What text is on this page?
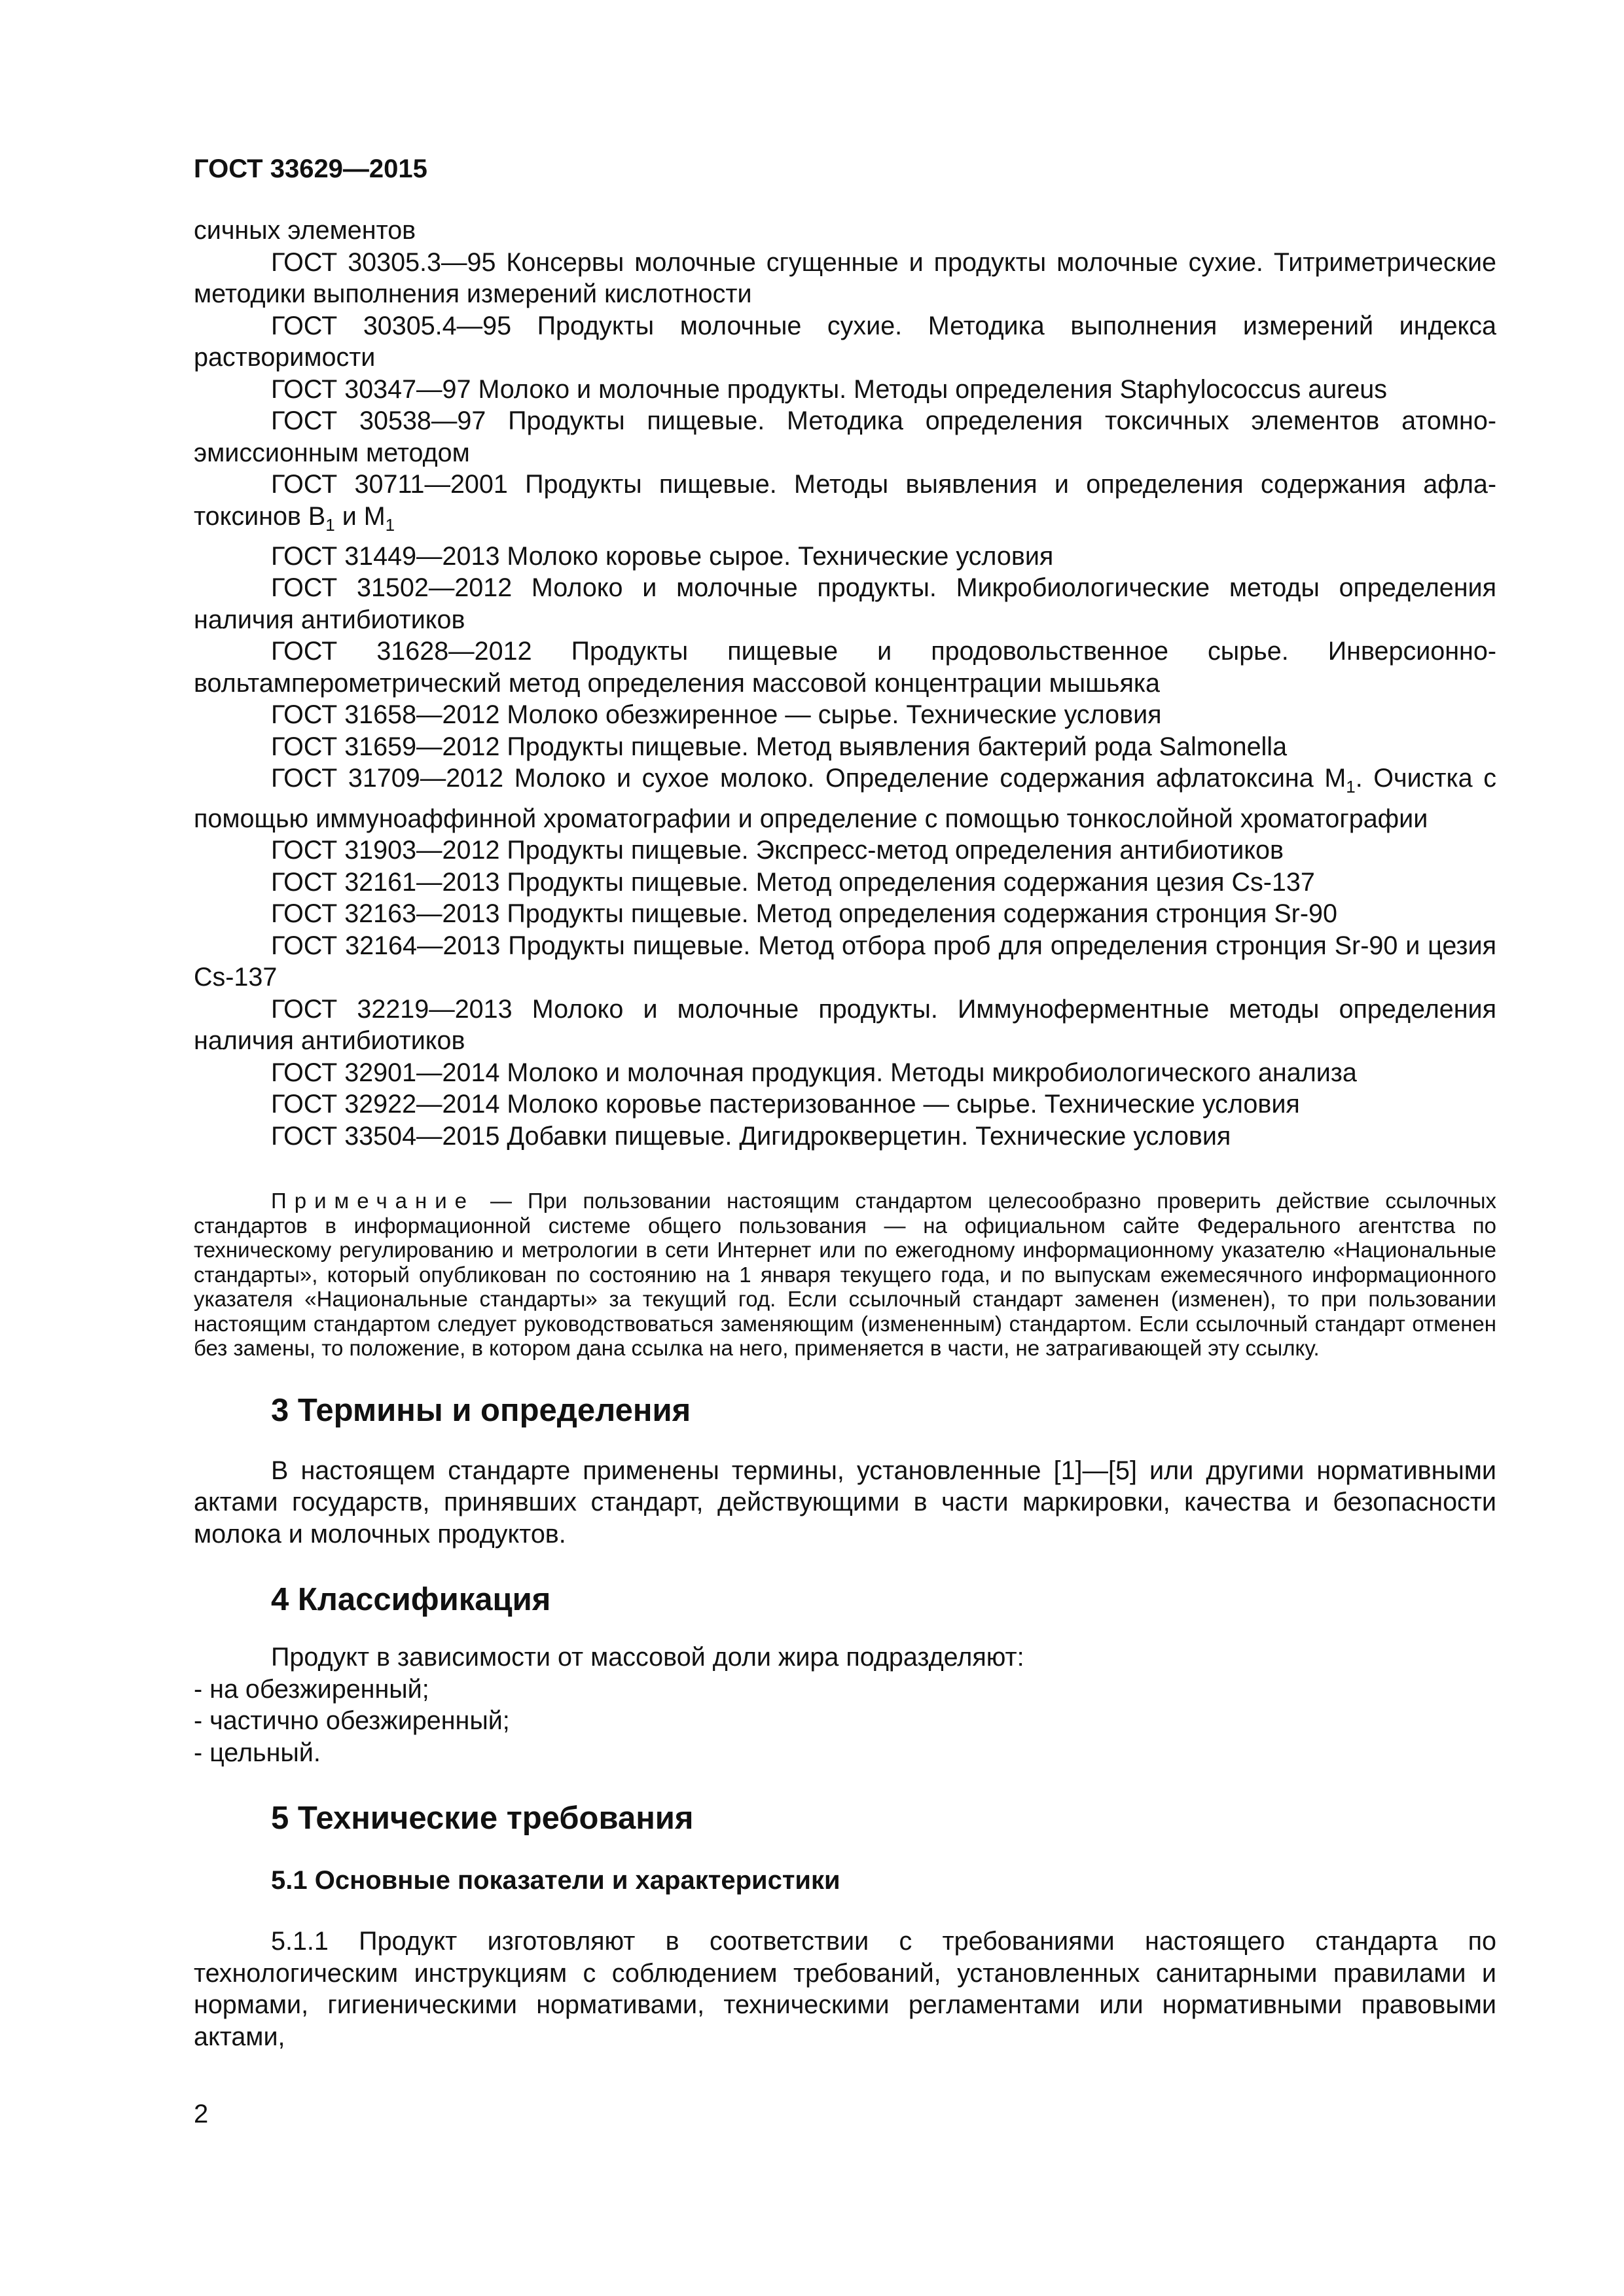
ГОСТ 33629—2015

сичных элементов

ГОСТ 30305.3—95 Консервы молочные сгущенные и продукты молочные сухие. Титриметрические методики выполнения измерений кислотности

ГОСТ 30305.4—95 Продукты молочные сухие. Методика выполнения измерений индекса растворимости

ГОСТ 30347—97 Молоко и молочные продукты. Методы определения Staphylococcus aureus

ГОСТ 30538—97 Продукты пищевые. Методика определения токсичных элементов атомно-эмиссионным методом

ГОСТ 30711—2001 Продукты пищевые. Методы выявления и определения содержания афла-токсинов $B_1$ и $M_1$

ГОСТ 31449—2013 Молоко коровье сырое. Технические условия

ГОСТ 31502—2012 Молоко и молочные продукты. Микробиологические методы определения наличия антибиотиков

ГОСТ 31628—2012 Продукты пищевые и продовольственное сырье. Инверсионно-вольтамперометрический метод определения массовой концентрации мышьяка

ГОСТ 31658—2012 Молоко обезжиренное — сырье. Технические условия

ГОСТ 31659—2012 Продукты пищевые. Метод выявления бактерий рода Salmonella

ГОСТ 31709—2012 Молоко и сухое молоко. Определение содержания афлатоксина $M_1$. Очистка с помощью иммуноаффинной хроматографии и определение с помощью тонкослойной хроматографии

ГОСТ 31903—2012 Продукты пищевые. Экспресс-метод определения антибиотиков

ГОСТ 32161—2013 Продукты пищевые. Метод определения содержания цезия Cs-137

ГОСТ 32163—2013 Продукты пищевые. Метод определения содержания стронция Sr-90

ГОСТ 32164—2013 Продукты пищевые. Метод отбора проб для определения стронция Sr-90 и цезия Cs-137

ГОСТ 32219—2013 Молоко и молочные продукты. Иммуноферментные методы определения наличия антибиотиков

ГОСТ 32901—2014 Молоко и молочная продукция. Методы микробиологического анализа

ГОСТ 32922—2014 Молоко коровье пастеризованное — сырье. Технические условия

ГОСТ 33504—2015 Добавки пищевые. Дигидрокверцетин. Технические условия

Примечание — При пользовании настоящим стандартом целесообразно проверить действие ссылочных стандартов в информационной системе общего пользования — на официальном сайте Федерального агентства по техническому регулированию и метрологии в сети Интернет или по ежегодному информационному указателю «Национальные стандарты», который опубликован по состоянию на 1 января текущего года, и по выпускам ежемесячного информационного указателя «Национальные стандарты» за текущий год. Если ссылочный стандарт заменен (изменен), то при пользовании настоящим стандартом следует руководствоваться заменяющим (измененным) стандартом. Если ссылочный стандарт отменен без замены, то положение, в котором дана ссылка на него, применяется в части, не затрагивающей эту ссылку.

3 Термины и определения

В настоящем стандарте применены термины, установленные [1]—[5] или другими нормативными актами государств, принявших стандарт, действующими в части маркировки, качества и безопасности молока и молочных продуктов.

4 Классификация

Продукт в зависимости от массовой доли жира подразделяют:

- на обезжиренный;

- частично обезжиренный;

- цельный.

5 Технические требования
5.1 Основные показатели и характеристики

5.1.1 Продукт изготовляют в соответствии с требованиями настоящего стандарта по технологическим инструкциям с соблюдением требований, установленных санитарными правилами и нормами, гигиеническими нормативами, техническими регламентами или нормативными правовыми актами,

2
